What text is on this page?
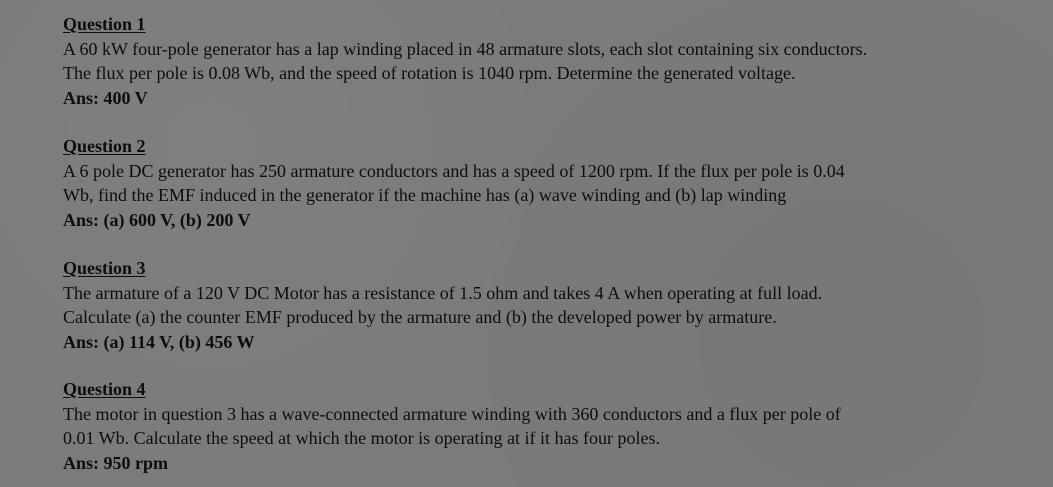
Question 1
A 60 kW four-pole generator has a lap winding placed in 48 armature slots, each slot containing six conductors.
The flux per pole is 0.08 Wb, and the speed of rotation is 1040 rpm. Determine the generated voltage.
Ans: 400 V
Question 2
A 6 pole DC generator has 250 armature conductors and has a speed of 1200 rpm. If the flux per pole is 0.04
Wb, find the EMF induced in the generator if the machine has (a) wave winding and (b) lap winding
Ans: (a) 600 V, (b) 200 V
Question 3
The armature of a 120 V DC Motor has a resistance of 1.5 ohm and takes 4 A when operating at full load.
Calculate (a) the counter EMF produced by the armature and (b) the developed power by armature.
Ans: (a) 114 V, (b) 456 W
Question 4
The motor in question 3 has a wave-connected armature winding with 360 conductors and a flux per pole of
0.01 Wb. Calculate the speed at which the motor is operating at if it has four poles.
Ans: 950 rpm
